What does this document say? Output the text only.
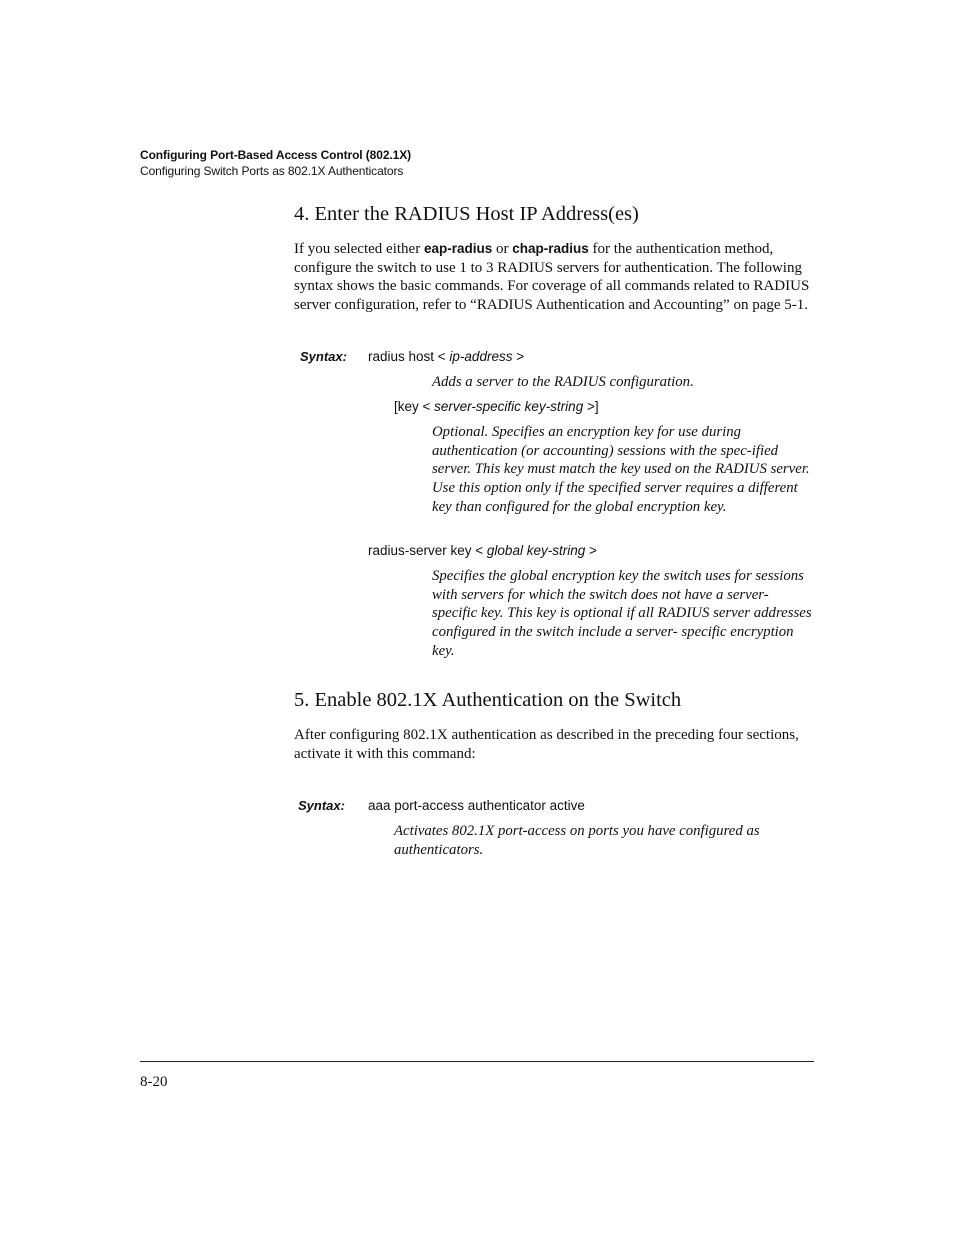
Configuring Port-Based Access Control (802.1X)
Configuring Switch Ports as 802.1X Authenticators
4. Enter the RADIUS Host IP Address(es)

If you selected either eap-radius or chap-radius for the authentication method, configure the switch to use 1 to 3 RADIUS servers for authentication. The following syntax shows the basic commands. For coverage of all commands related to RADIUS server configuration, refer to “RADIUS Authentication and Accounting” on page 5-1.

Syntax: radius host < ip-address >

Adds a server to the RADIUS configuration.

[key < server-specific key-string >]

Optional. Specifies an encryption key for use during authentication (or accounting) sessions with the spec-ified server. This key must match the key used on the RADIUS server. Use this option only if the specified server requires a different key than configured for the global encryption key.

radius-server key < global key-string >

Specifies the global encryption key the switch uses for sessions with servers for which the switch does not have a server-specific key. This key is optional if all RADIUS server addresses configured in the switch include a server- specific encryption key.

5. Enable 802.1X Authentication on the Switch

After configuring 802.1X authentication as described in the preceding four sections, activate it with this command:

Syntax: aaa port-access authenticator active

Activates 802.1X port-access on ports you have configured as authenticators.

8-20
